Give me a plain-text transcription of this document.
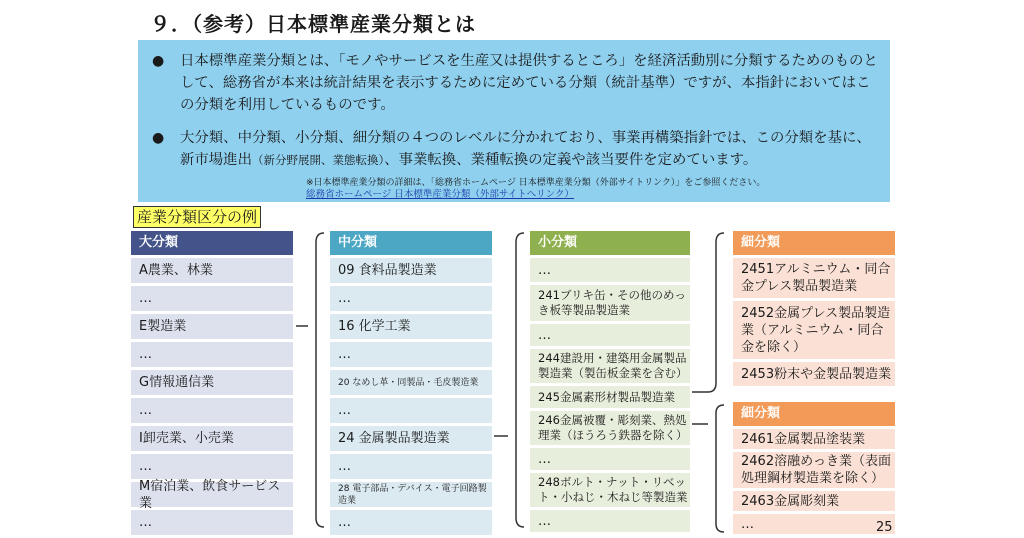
９．（参考）日本標準産業分類とは
● 日本標準産業分類とは、「モノやサービスを生産又は提供するところ」を経済活動別に分類するためのものとして、総務省が本来は統計結果を表示するために定めている分類（統計基準）ですが、本指針においてはこの分類を利用しているものです。
● 大分類、中分類、小分類、細分類の４つのレベルに分かれており、事業再構築指針では、この分類を基に、新市場進出（新分野展開、業態転換）、事業転換、業種転換の定義や該当要件を定めています。
※日本標準産業分類の詳細は、「総務省ホームページ 日本標準産業分類（外部サイトリンク）」をご参照ください。
総務省ホームページ 日本標準産業分類（外部サイトへリンク）
産業分類区分の例
大分類
A農業、林業
…
E製造業
…
G情報通信業
…
I卸売業、小売業
…
M宿泊業、飲食サービス業
…
中分類
09 食料品製造業
…
16 化学工業
…
20 なめし革・同製品・毛皮製造業
…
24 金属製品製造業
…
28 電子部品・デバイス・電子回路製造業
…
小分類
…
241ブリキ缶・その他のめっき板等製品製造業
…
244建設用・建築用金属製品製造業（製缶板金業を含む）
245金属素形材製品製造業
246金属被覆・彫刻業、熱処理業（ほうろう鉄器を除く）
…
248ボルト・ナット・リベット・小ねじ・木ねじ等製造業
…
細分類
2451アルミニウム・同合金プレス製品製造業
2452金属プレス製品製造業（アルミニウム・同合金を除く）
2453粉末や金製品製造業
細分類
2461金属製品塗装業
2462溶融めっき業（表面処理鋼材製造業を除く）
2463金属彫刻業
…	25
